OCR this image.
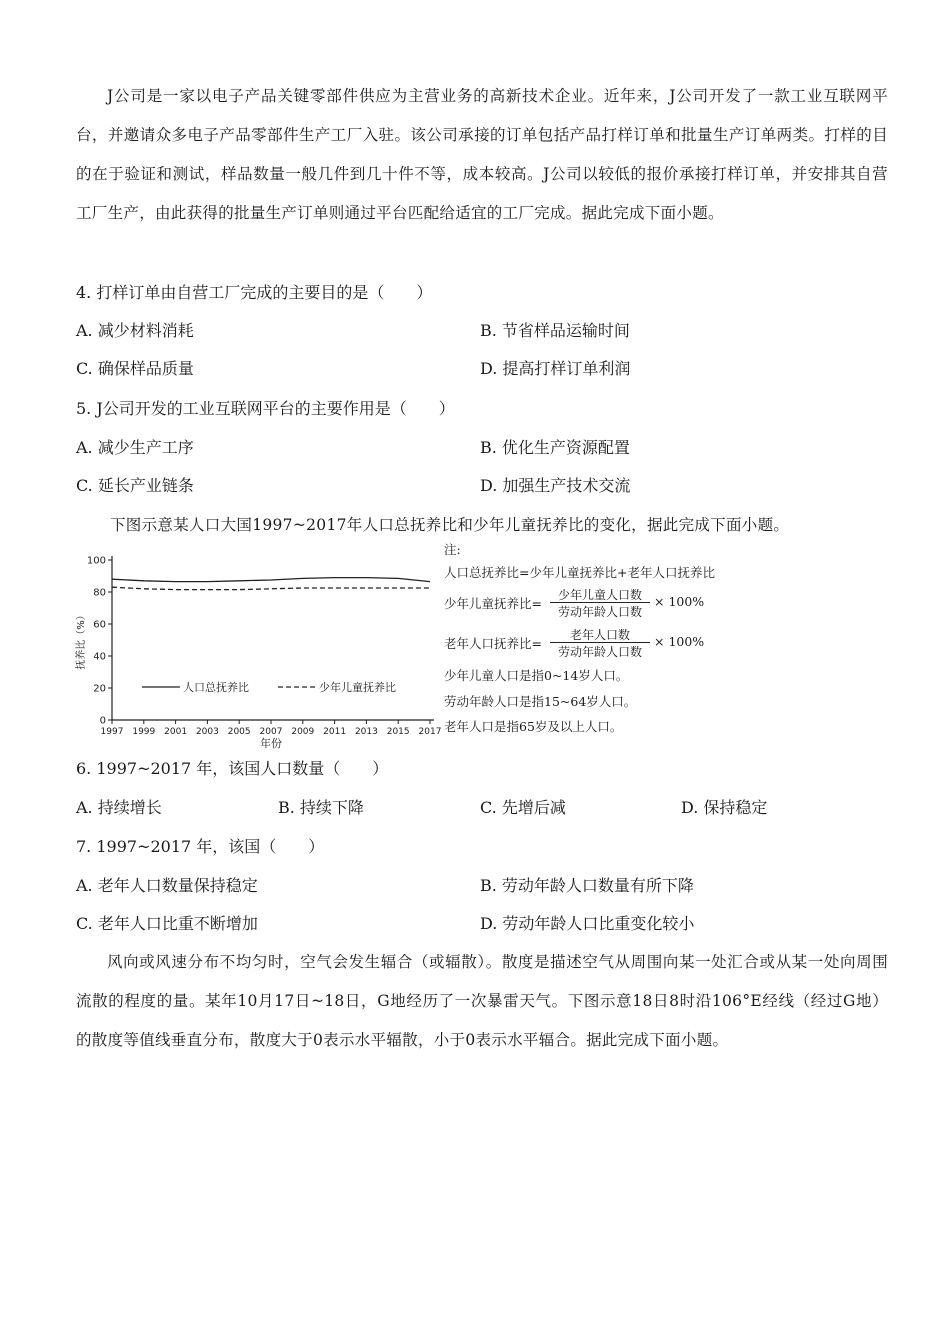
J公司是一家以电子产品关键零部件供应为主营业务的高新技术企业。近年来，J公司开发了一款工业互联网平台，并邀请众多电子产品零部件生产工厂入驻。该公司承接的订单包括产品打样订单和批量生产订单两类。打样的目的在于验证和测试，样品数量一般几件到几十件不等，成本较高。J公司以较低的报价承接打样订单，并安排其自营工厂生产，由此获得的批量生产订单则通过平台匹配给适宜的工厂完成。据此完成下面小题。
4. 打样订单由自营工厂完成的主要目的是（　　）
A. 减少材料消耗	B. 节省样品运输时间
C. 确保样品质量	D. 提高打样订单利润
5. J公司开发的工业互联网平台的主要作用是（　　）
A. 减少生产工序	B. 优化生产资源配置
C. 延长产业链条	D. 加强生产技术交流
下图示意某人口大国1997~2017年人口总抚养比和少年儿童抚养比的变化，据此完成下面小题。
0
20
40
60
80
100
1997 1999 2001 2003 2005 2007 2009 2011 2013 2015 2017
年份
抚养比（%）
人口总抚养比	少年儿童抚养比
注:
人口总抚养比=少年儿童抚养比+老年人口抚养比
少年儿童抚养比=
少年儿童人口数
劳动年龄人口数
× 100%
老年人口抚养比=
老年人口数
劳动年龄人口数
× 100%
少年儿童人口是指0~14岁人口。
劳动年龄人口是指15~64岁人口。
老年人口是指65岁及以上人口。
6. 1997~2017 年，该国人口数量（　　）
A. 持续增长	B. 持续下降	C. 先增后减	D. 保持稳定
7. 1997~2017 年，该国（　　）
A. 老年人口数量保持稳定	B. 劳动年龄人口数量有所下降
C. 老年人口比重不断增加	D. 劳动年龄人口比重变化较小
风向或风速分布不均匀时，空气会发生辐合（或辐散）。散度是描述空气从周围向某一处汇合或从某一处向周围流散的程度的量。某年10月17日~18日，G地经历了一次暴雷天气。下图示意18日8时沿106°E经线（经过G地）的散度等值线垂直分布，散度大于0表示水平辐散，小于0表示水平辐合。据此完成下面小题。
